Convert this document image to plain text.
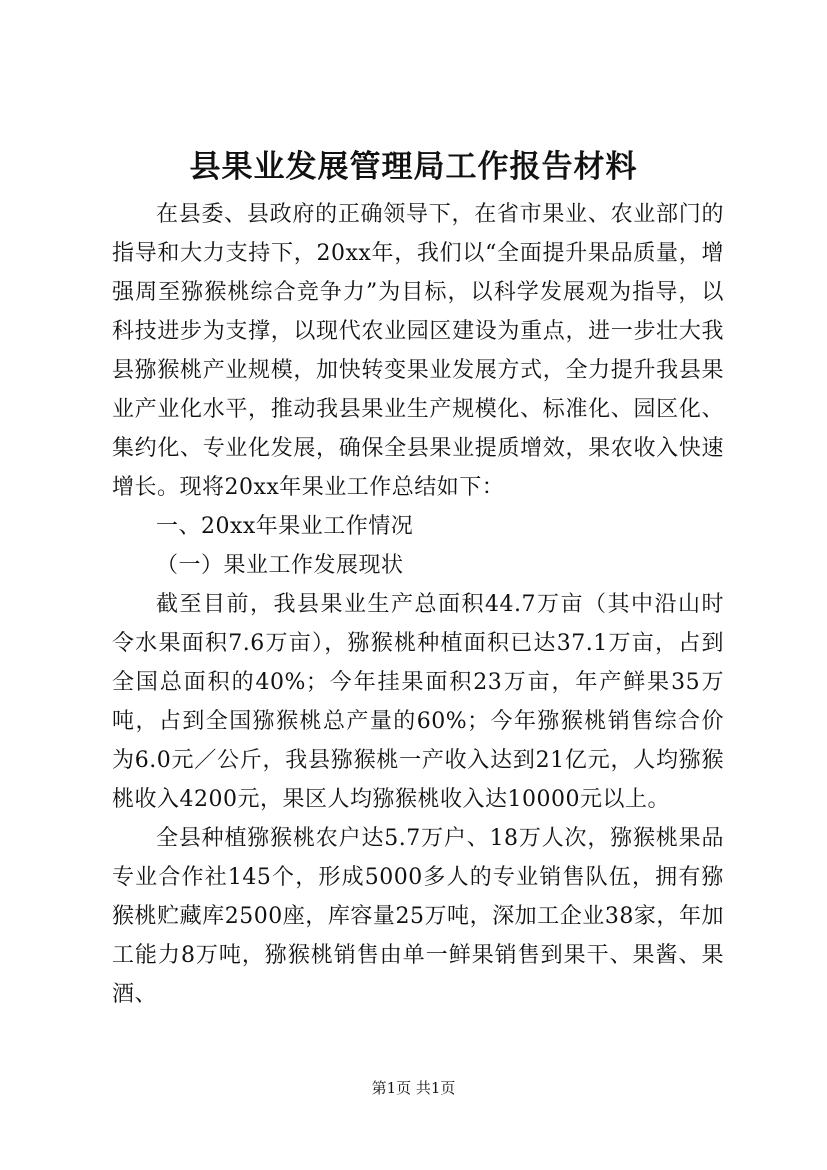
县果业发展管理局工作报告材料

在县委、县政府的正确领导下，在省市果业、农业部门的指导和大力支持下，20xx年，我们以“全面提升果品质量，增强周至猕猴桃综合竞争力”为目标，以科学发展观为指导，以科技进步为支撑，以现代农业园区建设为重点，进一步壮大我县猕猴桃产业规模，加快转变果业发展方式，全力提升我县果业产业化水平，推动我县果业生产规模化、标准化、园区化、集约化、专业化发展，确保全县果业提质增效，果农收入快速增长。现将20xx年果业工作总结如下：

一、20xx年果业工作情况

（一）果业工作发展现状

截至目前，我县果业生产总面积44.7万亩（其中沿山时令水果面积7.6万亩），猕猴桃种植面积已达37.1万亩，占到全国总面积的40%；今年挂果面积23万亩，年产鲜果35万吨，占到全国猕猴桃总产量的60%；今年猕猴桃销售综合价为6.0元／公斤，我县猕猴桃一产收入达到21亿元，人均猕猴桃收入4200元，果区人均猕猴桃收入达10000元以上。

全县种植猕猴桃农户达5.7万户、18万人次，猕猴桃果品专业合作社145个，形成5000多人的专业销售队伍，拥有猕猴桃贮藏库2500座，库容量25万吨，深加工企业38家，年加工能力8万吨，猕猴桃销售由单一鲜果销售到果干、果酱、果酒、

第1页 共1页
